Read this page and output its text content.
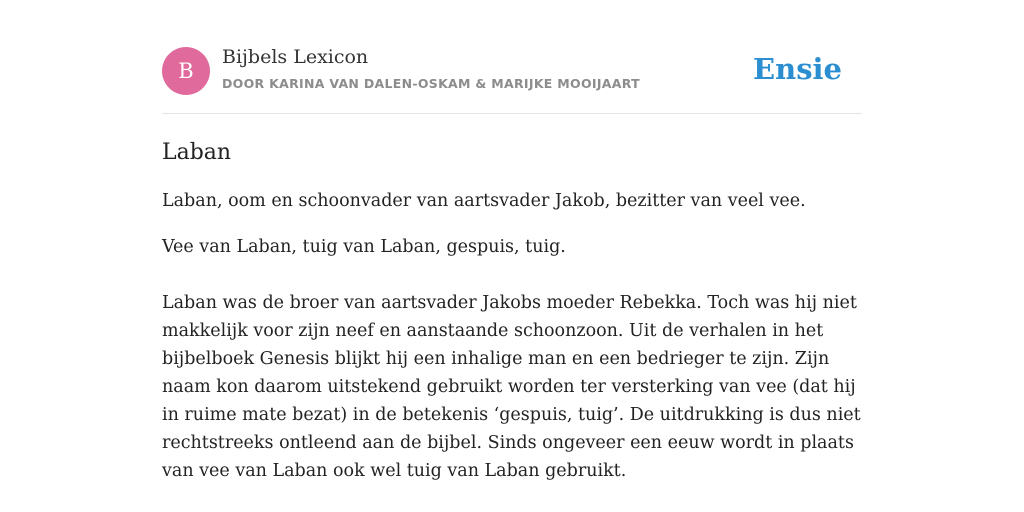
B
Bijbels Lexicon
DOOR KARINA VAN DALEN-OSKAM & MARIJKE MOOIJAART	Ensie
Laban

Laban, oom en schoonvader van aartsvader Jakob, bezitter van veel vee.

Vee van Laban, tuig van Laban, gespuis, tuig.

Laban was de broer van aartsvader Jakobs moeder Rebekka. Toch was hij niet makkelijk voor zijn neef en aanstaande schoonzoon. Uit de verhalen in het bijbelboek Genesis blijkt hij een inhalige man en een bedrieger te zijn. Zijn naam kon daarom uitstekend gebruikt worden ter versterking van vee (dat hij in ruime mate bezat) in de betekenis ‘gespuis, tuig’. De uitdrukking is dus niet rechtstreeks ontleend aan de bijbel. Sinds ongeveer een eeuw wordt in plaats van vee van Laban ook wel tuig van Laban gebruikt.
